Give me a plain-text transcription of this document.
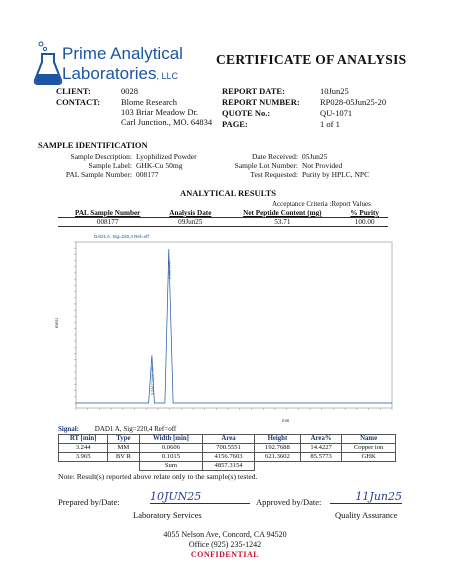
Prime Analytical
Laboratories, LLC
CERTIFICATE OF ANALYSIS
CLIENT:	0028
CONTACT: Blome Research
103 Briar Meadow Dr.
Carl Junction., MO. 64834
REPORT DATE:	10Jun25
REPORT NUMBER: RP028-05Jun25-20
QUOTE No.:	QU-1071
PAGE:	1 of 1
SAMPLE IDENTIFICATION
Sample Description: Lyophilized Powder
Sample Label: GHK-Cu 50mg
PAL Sample Number: 008177
Date Received: 05Jun25
Sample Lot Number: Not Provided
Test Requested: Purity by HPLC, NPC
ANALYTICAL RESULTS
Acceptance Criteria :Report Values
PAL Sample Number	Analysis Date	Net Peptide Content (mg)	% Purity
008177	09Jun25	53.71	100.00
DAD1 A, Sig=220,4 Ref=off
mAU
3.244 Copper ion
3.965 GHK
min
Signal: DAD1 A, Sig=220,4 Ref=off
RT [min]	Type	Width [min]	Area	Height	Area%	Name
3.244	MM	0.0606	700.5551	192.7688	14.4227	Copper ion
3.965	BV R	0.1015	4156.7603	621.3602	85.5773	GHK
		Sum	4857.3154			
Note: Result(s) reported above relate only to the sample(s) tested.
Prepared by/Date:	10JUN25
Laboratory Services
Approved by/Date:	11Jun25
Quality Assurance
4055 Nelson Ave, Concord, CA 94520
Office (925) 235-1242
CONFIDENTIAL
